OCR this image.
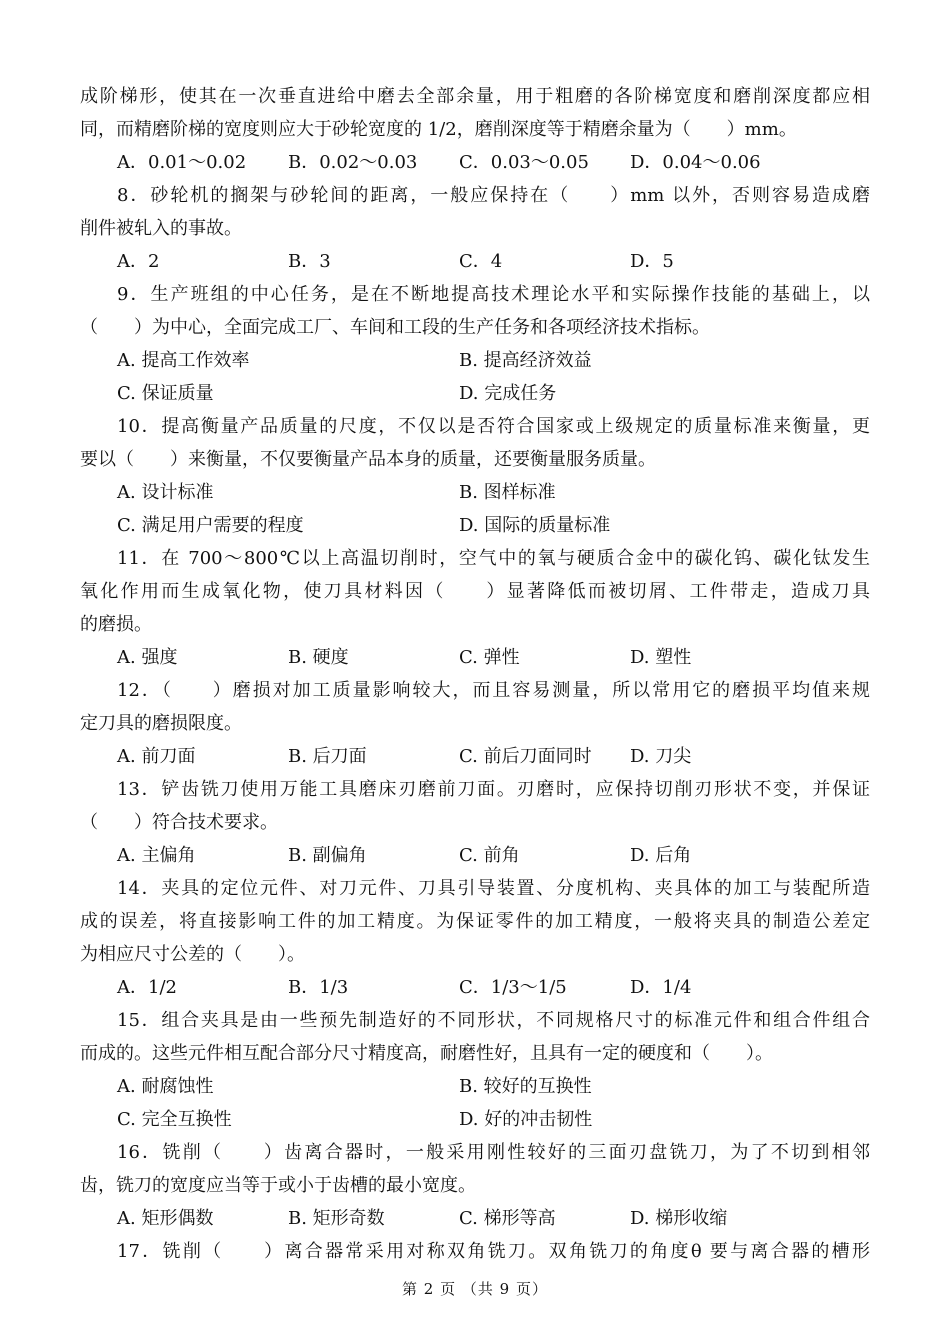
成阶梯形，使其在一次垂直进给中磨去全部余量，用于粗磨的各阶梯宽度和磨削深度都应相
同，而精磨阶梯的宽度则应大于砂轮宽度的 1/2，磨削深度等于精磨余量为（　　）mm。
A．0.01～0.02	B．0.02～0.03	C．0.03～0.05	D．0.04～0.06
8．砂轮机的搁架与砂轮间的距离，一般应保持在（　　）mm 以外，否则容易造成磨
削件被轧入的事故。
A．2	B．3	C．4	D．5
9．生产班组的中心任务，是在不断地提高技术理论水平和实际操作技能的基础上，以
（　　）为中心，全面完成工厂、车间和工段的生产任务和各项经济技术指标。
A. 提高工作效率	B. 提高经济效益
C. 保证质量	D. 完成任务
10．提高衡量产品质量的尺度，不仅以是否符合国家或上级规定的质量标准来衡量，更
要以（　　）来衡量，不仅要衡量产品本身的质量，还要衡量服务质量。
A. 设计标准	B. 图样标准
C. 满足用户需要的程度	D. 国际的质量标准
11．在 700～800℃以上高温切削时，空气中的氧与硬质合金中的碳化钨、碳化钛发生
氧化作用而生成氧化物，使刀具材料因（　　）显著降低而被切屑、工件带走，造成刀具
的磨损。
A. 强度	B. 硬度	C. 弹性	D. 塑性
12．（　　）磨损对加工质量影响较大，而且容易测量，所以常用它的磨损平均值来规
定刀具的磨损限度。
A. 前刀面	B. 后刀面	C. 前后刀面同时	D. 刀尖
13．铲齿铣刀使用万能工具磨床刃磨前刀面。刃磨时，应保持切削刃形状不变，并保证
（　　）符合技术要求。
A. 主偏角	B. 副偏角	C. 前角	D. 后角
14．夹具的定位元件、对刀元件、刀具引导装置、分度机构、夹具体的加工与装配所造
成的误差，将直接影响工件的加工精度。为保证零件的加工精度，一般将夹具的制造公差定
为相应尺寸公差的（　　）。
A．1/2	B．1/3	C．1/3～1/5	D．1/4
15．组合夹具是由一些预先制造好的不同形状，不同规格尺寸的标准元件和组合件组合
而成的。这些元件相互配合部分尺寸精度高，耐磨性好，且具有一定的硬度和（　　）。
A. 耐腐蚀性	B. 较好的互换性
C. 完全互换性	D. 好的冲击韧性
16．铣削（　　）齿离合器时，一般采用刚性较好的三面刃盘铣刀，为了不切到相邻
齿，铣刀的宽度应当等于或小于齿槽的最小宽度。
A. 矩形偶数	B. 矩形奇数	C. 梯形等高	D. 梯形收缩
17．铣削（　　）离合器常采用对称双角铣刀。双角铣刀的角度θ 要与离合器的槽形
第 2 页 （共 9 页）
